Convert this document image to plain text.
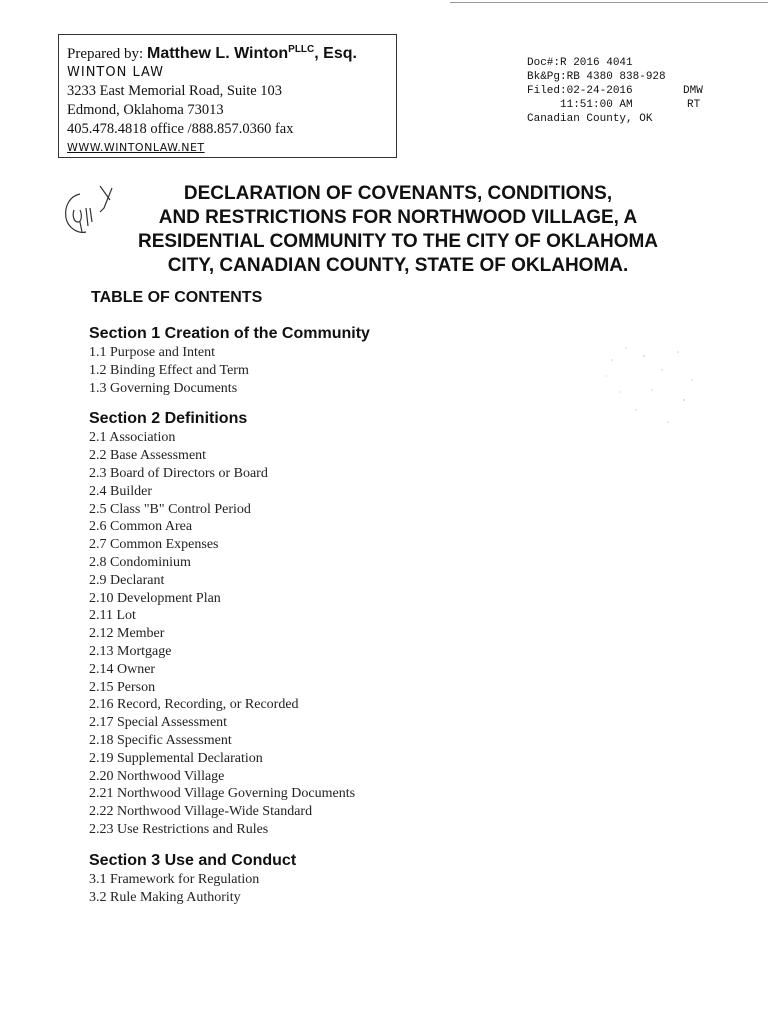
Prepared by: Matthew L. Winton$^{PLLC}$, Esq.
WINTON LAW
3233 East Memorial Road, Suite 103
Edmond, Oklahoma 73013
405.478.4818 office /888.857.0360 fax
WWW.WINTONLAW.NET
Doc#:R 2016 4041
Bk&Pg:RB 4380 838-928
Filed:02-24-2016
11:51:00 AM
Canadian County, OK
DMW
RT
DECLARATION OF COVENANTS, CONDITIONS,
AND RESTRICTIONS FOR NORTHWOOD VILLAGE, A
RESIDENTIAL COMMUNITY TO THE CITY OF OKLAHOMA
CITY, CANADIAN COUNTY, STATE OF OKLAHOMA.
TABLE OF CONTENTS
Section 1 Creation of the Community
1.1 Purpose and Intent
1.2 Binding Effect and Term
1.3 Governing Documents
Section 2 Definitions
2.1 Association
2.2 Base Assessment
2.3 Board of Directors or Board
2.4 Builder
2.5 Class "B" Control Period
2.6 Common Area
2.7 Common Expenses
2.8 Condominium
2.9 Declarant
2.10 Development Plan
2.11 Lot
2.12 Member
2.13 Mortgage
2.14 Owner
2.15 Person
2.16 Record, Recording, or Recorded
2.17 Special Assessment
2.18 Specific Assessment
2.19 Supplemental Declaration
2.20 Northwood Village
2.21 Northwood Village Governing Documents
2.22 Northwood Village-Wide Standard
2.23 Use Restrictions and Rules
Section 3 Use and Conduct
3.1 Framework for Regulation
3.2 Rule Making Authority
